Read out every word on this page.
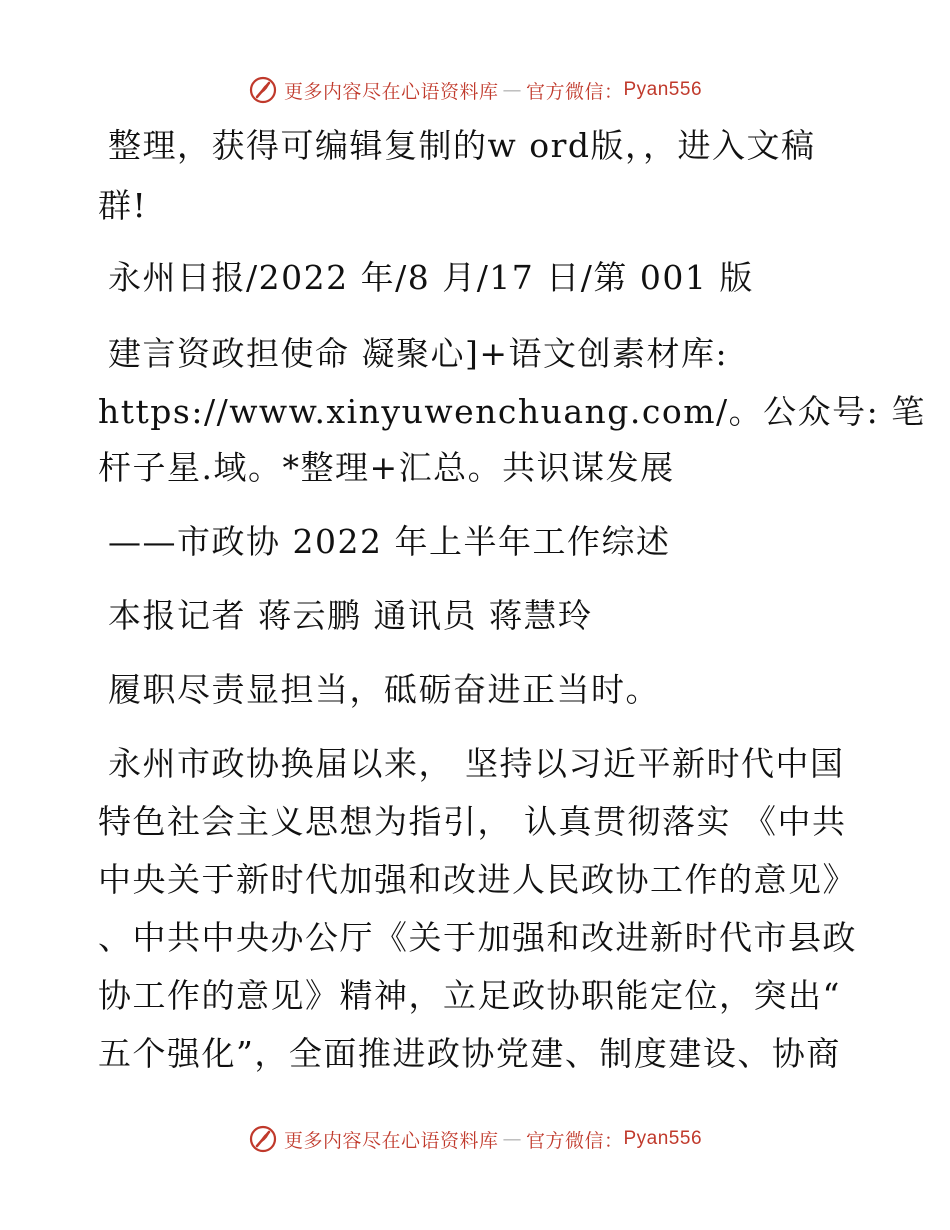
更多内容尽在心语资料库 — 官方微信： Pyan556
整理，获得可编辑复制的w ord版，，进入文稿
群!
永州日报/2022 年/8 月/17 日/第 001 版
建言资政担使命 凝聚心]+语文创素材库:
https://www.xinyuwenchuang.com/。公众号: 笔
杆子星.域。*整理+汇总。共识谋发展
——市政协 2022 年上半年工作综述
本报记者 蒋云鹏 通讯员 蒋慧玲
履职尽责显担当，砥砺奋进正当时。
永州市政协换届以来， 坚持以习近平新时代中国
特色社会主义思想为指引， 认真贯彻落实 《中共
中央关于新时代加强和改进人民政协工作的意见》
、中共中央办公厅《关于加强和改进新时代市县政
协工作的意见》精神，立足政协职能定位，突出“
五个强化”，全面推进政协党建、制度建设、协商
更多内容尽在心语资料库 — 官方微信： Pyan556
